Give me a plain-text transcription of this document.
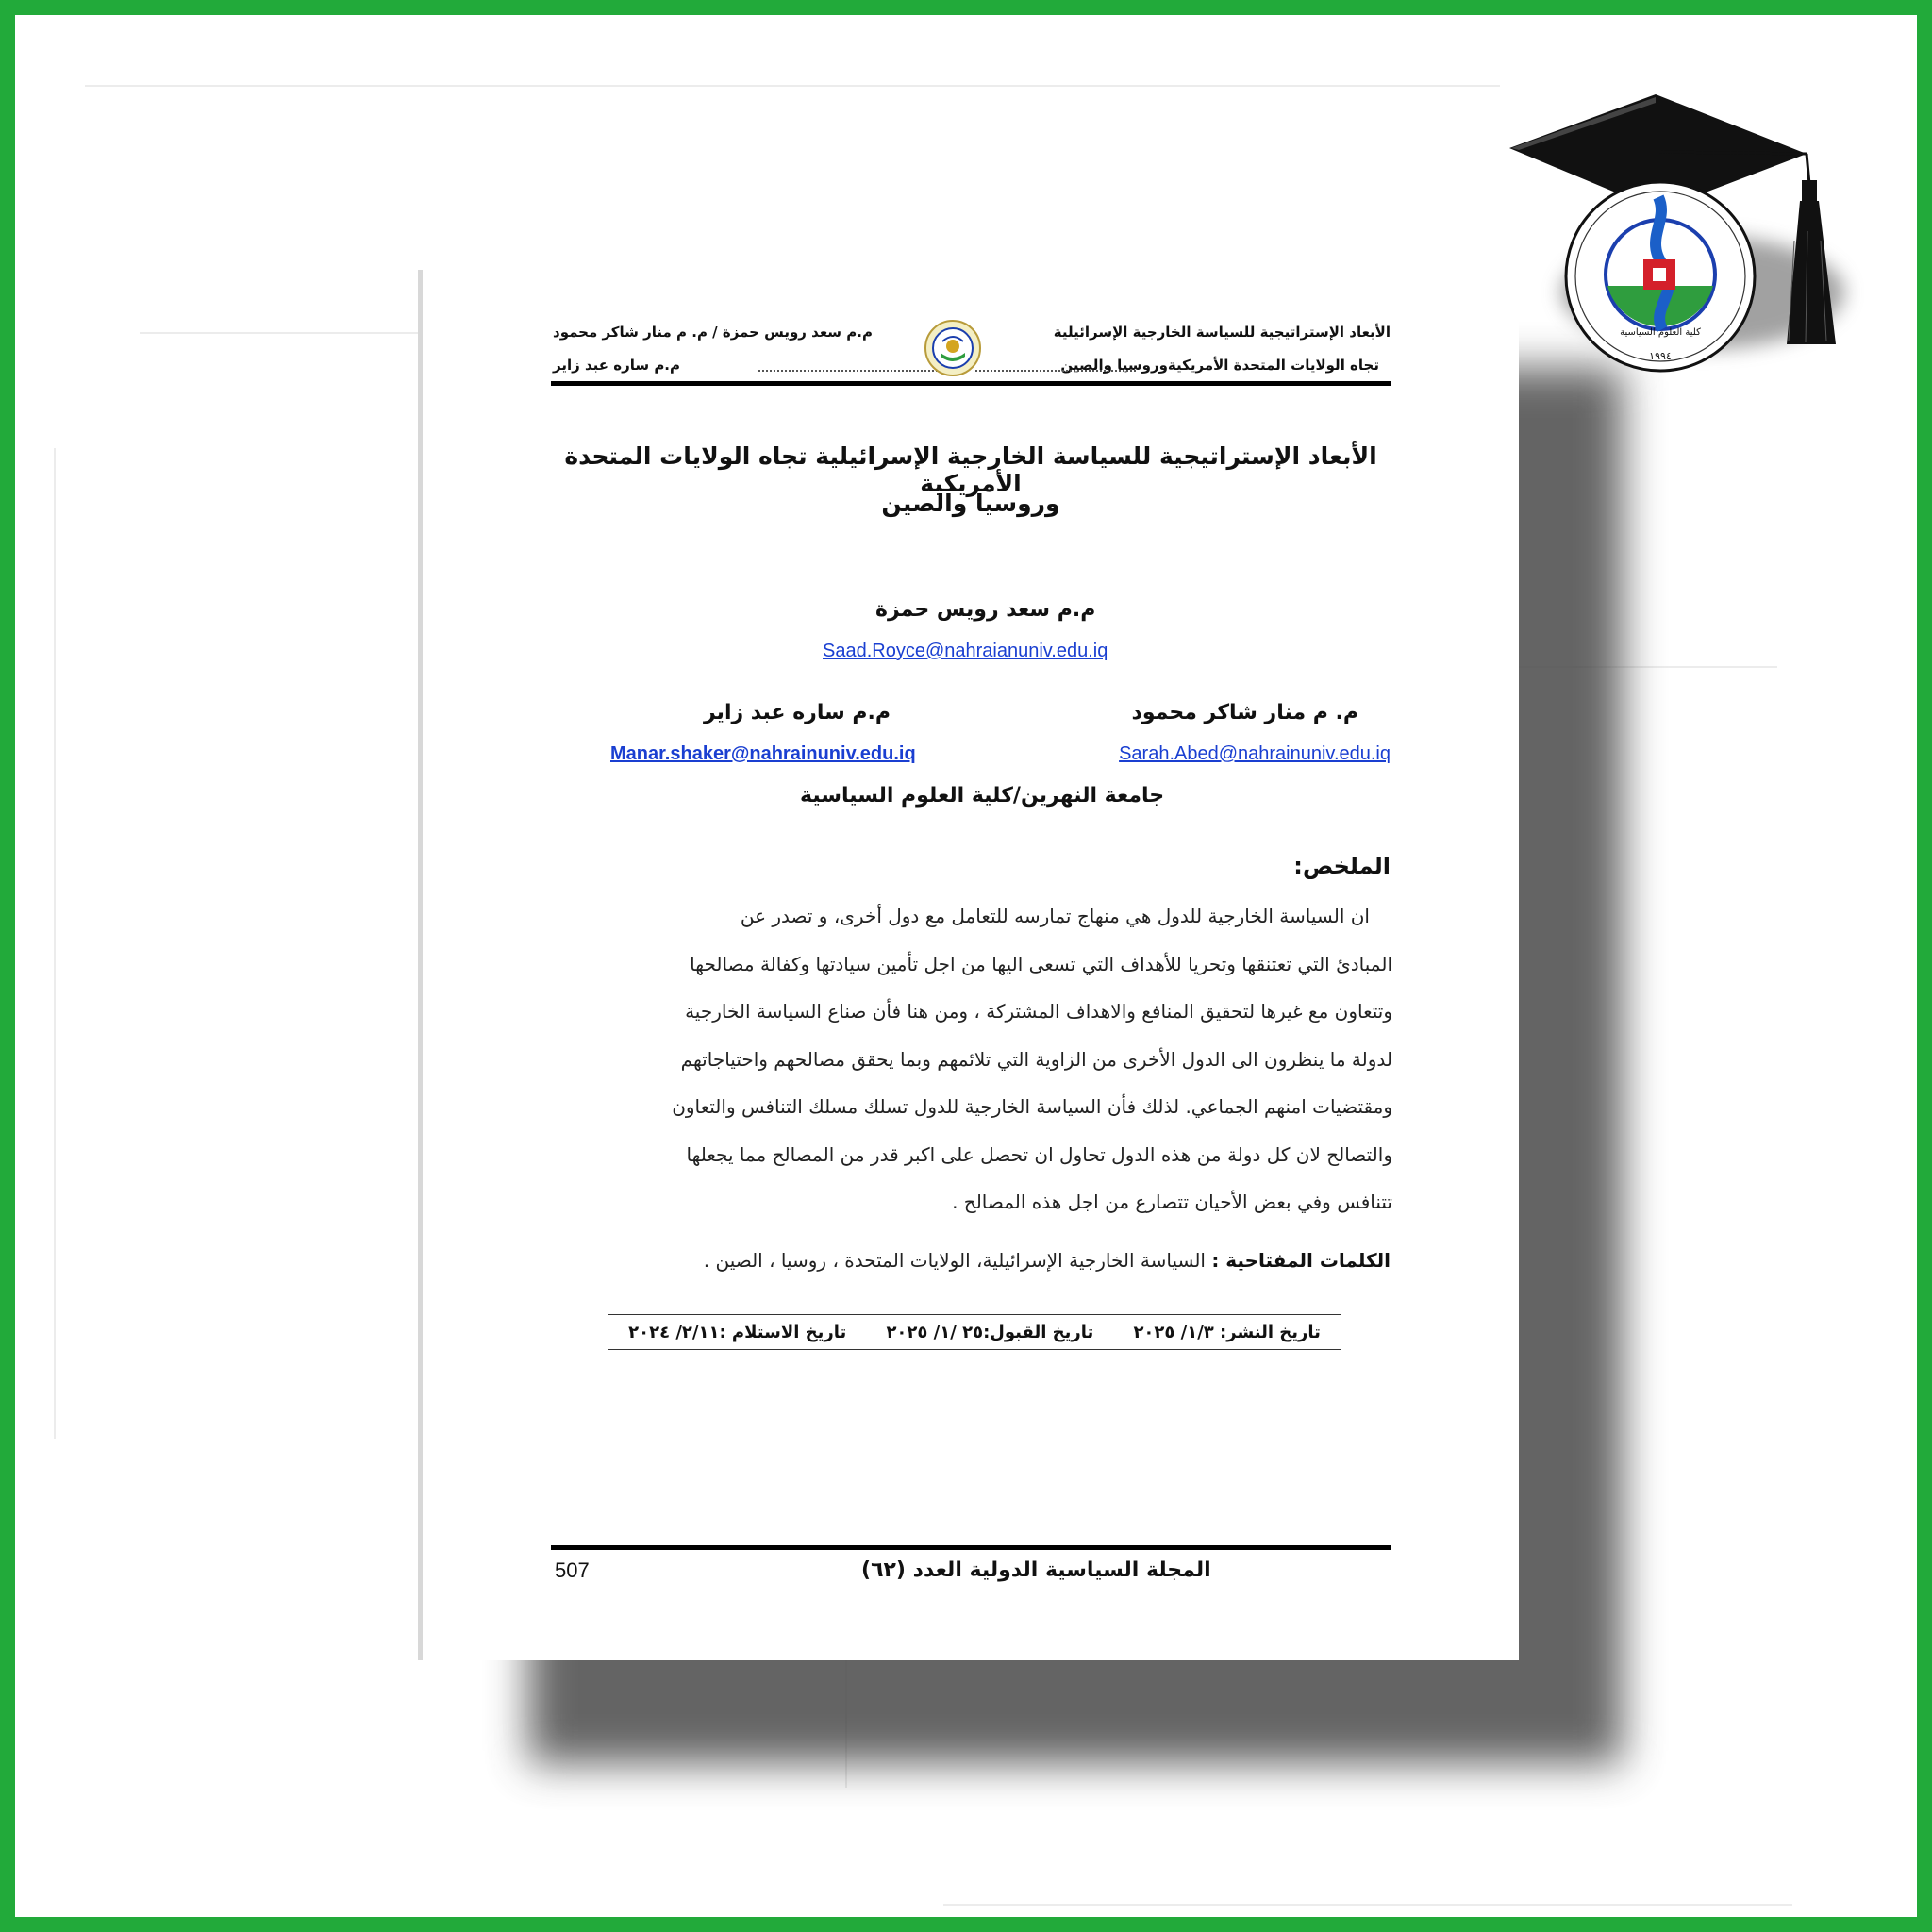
كلية العلوم السياسية
١٩٩٤
الأبعاد الإستراتيجية للسياسة الخارجية الإسرائيلية
تجاه الولايات المتحدة الأمريكيةوروسيا والصين
م.م سعد رويس حمزة / م. م منار شاكر محمود
م.م ساره عبد زاير
الأبعاد الإستراتيجية للسياسة الخارجية الإسرائيلية تجاه الولايات المتحدة الأمريكية
وروسيا والصين
م.م سعد رويس حمزة
Saad.Royce@nahraianuniv.edu.iq
م. م منار شاكر محمود
م.م ساره عبد زاير
Sarah.Abed@nahrainuniv.edu.iq
Manar.shaker@nahrainuniv.edu.iq
جامعة النهرين/كلية العلوم السياسية
الملخص:
ان السياسة الخارجية للدول هي منهاج تمارسه للتعامل مع دول أخرى، و تصدر عن
المبادئ التي تعتنقها وتحريا للأهداف التي تسعى اليها من اجل تأمين سيادتها وكفالة مصالحها
وتتعاون مع غيرها لتحقيق المنافع والاهداف المشتركة ، ومن هنا فأن صناع السياسة الخارجية
لدولة ما ينظرون الى الدول الأخرى من الزاوية التي تلائمهم وبما يحقق مصالحهم واحتياجاتهم
ومقتضيات امنهم الجماعي. لذلك فأن السياسة الخارجية للدول تسلك مسلك التنافس والتعاون
والتصالح لان كل دولة من هذه الدول تحاول ان تحصل على اكبر قدر من المصالح مما يجعلها
تتنافس وفي بعض الأحيان تتصارع من اجل هذه المصالح .
الكلمات المفتاحية : السياسة الخارجية الإسرائيلية، الولايات المتحدة ، روسيا ، الصين .
تاريخ الاستلام :٢/١١/ ٢٠٢٤ تاريخ القبول:٢٥ /١/ ٢٠٢٥ تاريخ النشر: ١/٣/ ٢٠٢٥
المجلة السياسية الدولية العدد (٦٢)
507
